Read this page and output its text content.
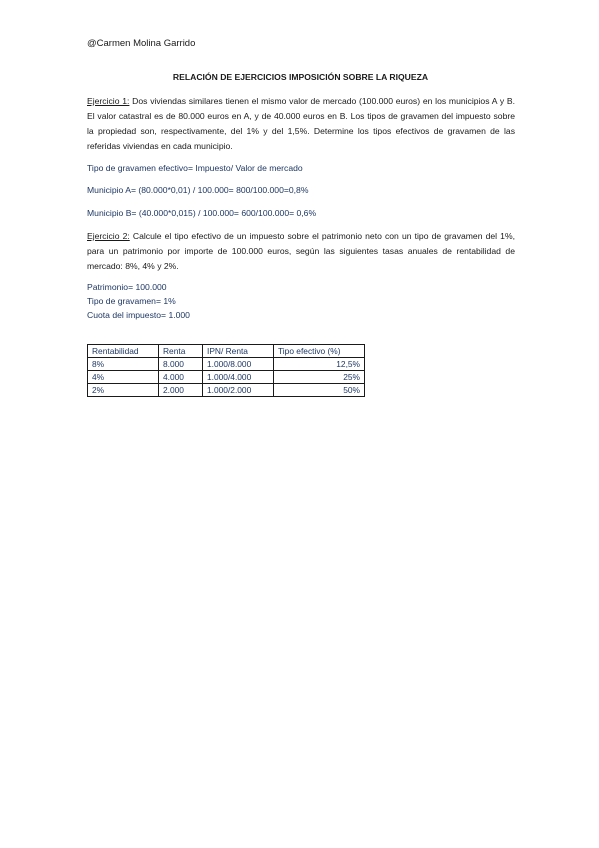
@Carmen Molina Garrido
RELACIÓN DE EJERCICIOS IMPOSICIÓN SOBRE LA RIQUEZA
Ejercicio 1: Dos viviendas similares tienen el mismo valor de mercado (100.000 euros) en los municipios A y B. El valor catastral es de 80.000 euros en A, y de 40.000 euros en B. Los tipos de gravamen del impuesto sobre la propiedad son, respectivamente, del 1% y del 1,5%. Determine los tipos efectivos de gravamen de las referidas viviendas en cada municipio.
Tipo de gravamen efectivo= Impuesto/ Valor de mercado
Municipio A= (80.000*0,01) / 100.000= 800/100.000=0,8%
Municipio B= (40.000*0,015) / 100.000= 600/100.000= 0,6%
Ejercicio 2: Calcule el tipo efectivo de un impuesto sobre el patrimonio neto con un tipo de gravamen del 1%, para un patrimonio por importe de 100.000 euros, según las siguientes tasas anuales de rentabilidad de mercado: 8%, 4% y 2%.
Patrimonio= 100.000
Tipo de gravamen= 1%
Cuota del impuesto= 1.000
Rentabilidad	Renta	IPN/ Renta	Tipo efectivo (%)
8%	8.000	1.000/8.000	12,5%
4%	4.000	1.000/4.000	25%
2%	2.000	1.000/2.000	50%
